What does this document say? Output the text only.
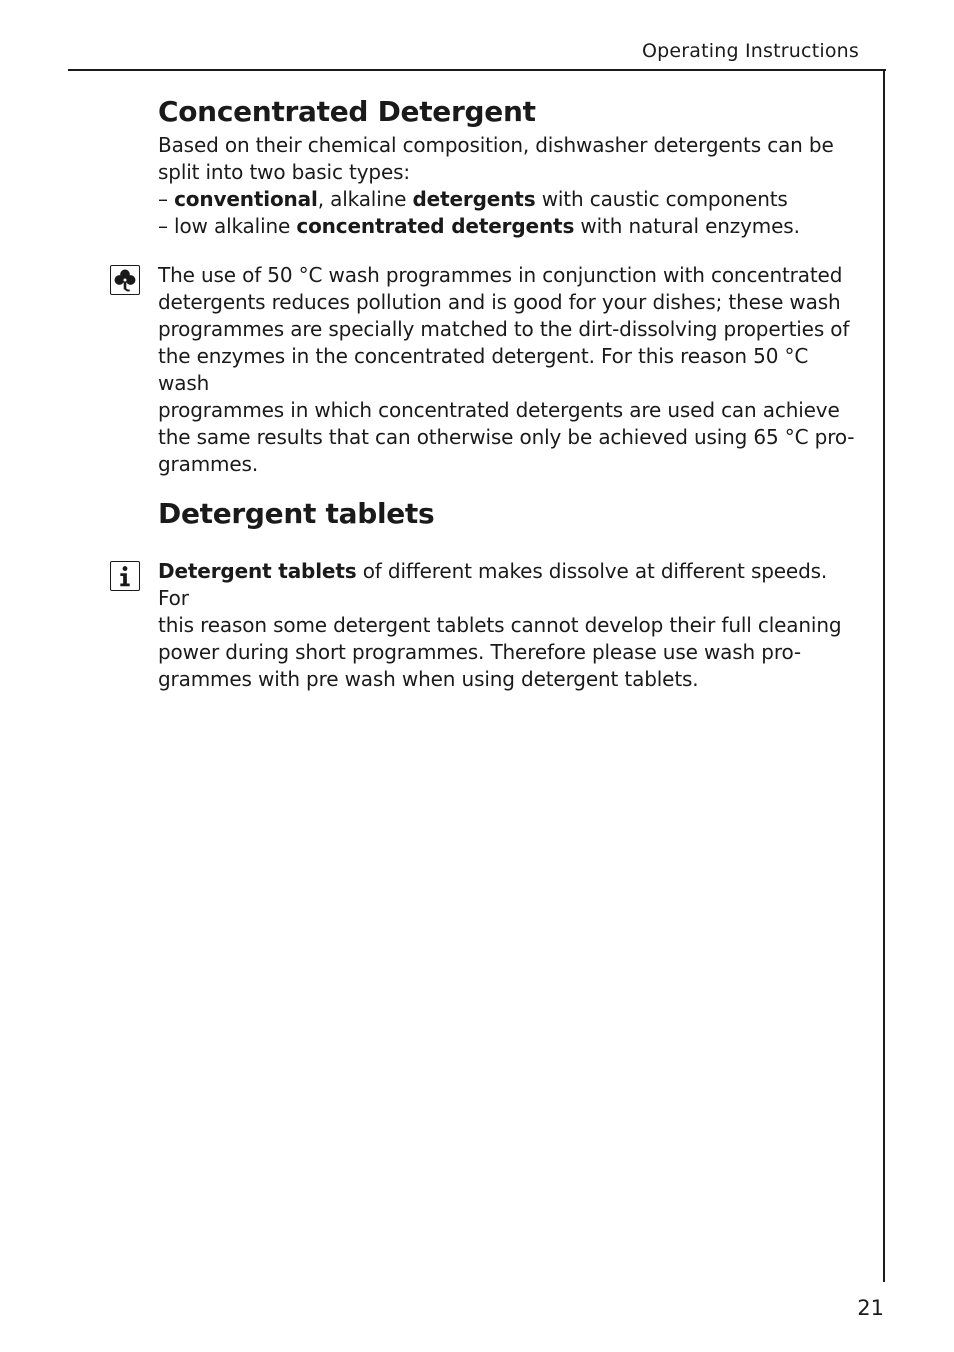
Operating Instructions
Concentrated Detergent

Based on their chemical composition, dishwasher detergents can be
split into two basic types:
– conventional, alkaline detergents with caustic components
– low alkaline concentrated detergents with natural enzymes.

The use of 50 °C wash programmes in conjunction with concentrated
detergents reduces pollution and is good for your dishes; these wash
programmes are specially matched to the dirt-dissolving properties of
the enzymes in the concentrated detergent. For this reason 50 °C wash
programmes in which concentrated detergents are used can achieve
the same results that can otherwise only be achieved using 65 °C pro-
grammes.

Detergent tablets

Detergent tablets of different makes dissolve at different speeds. For
this reason some detergent tablets cannot develop their full cleaning
power during short programmes. Therefore please use wash pro-
grammes with pre wash when using detergent tablets.

21
